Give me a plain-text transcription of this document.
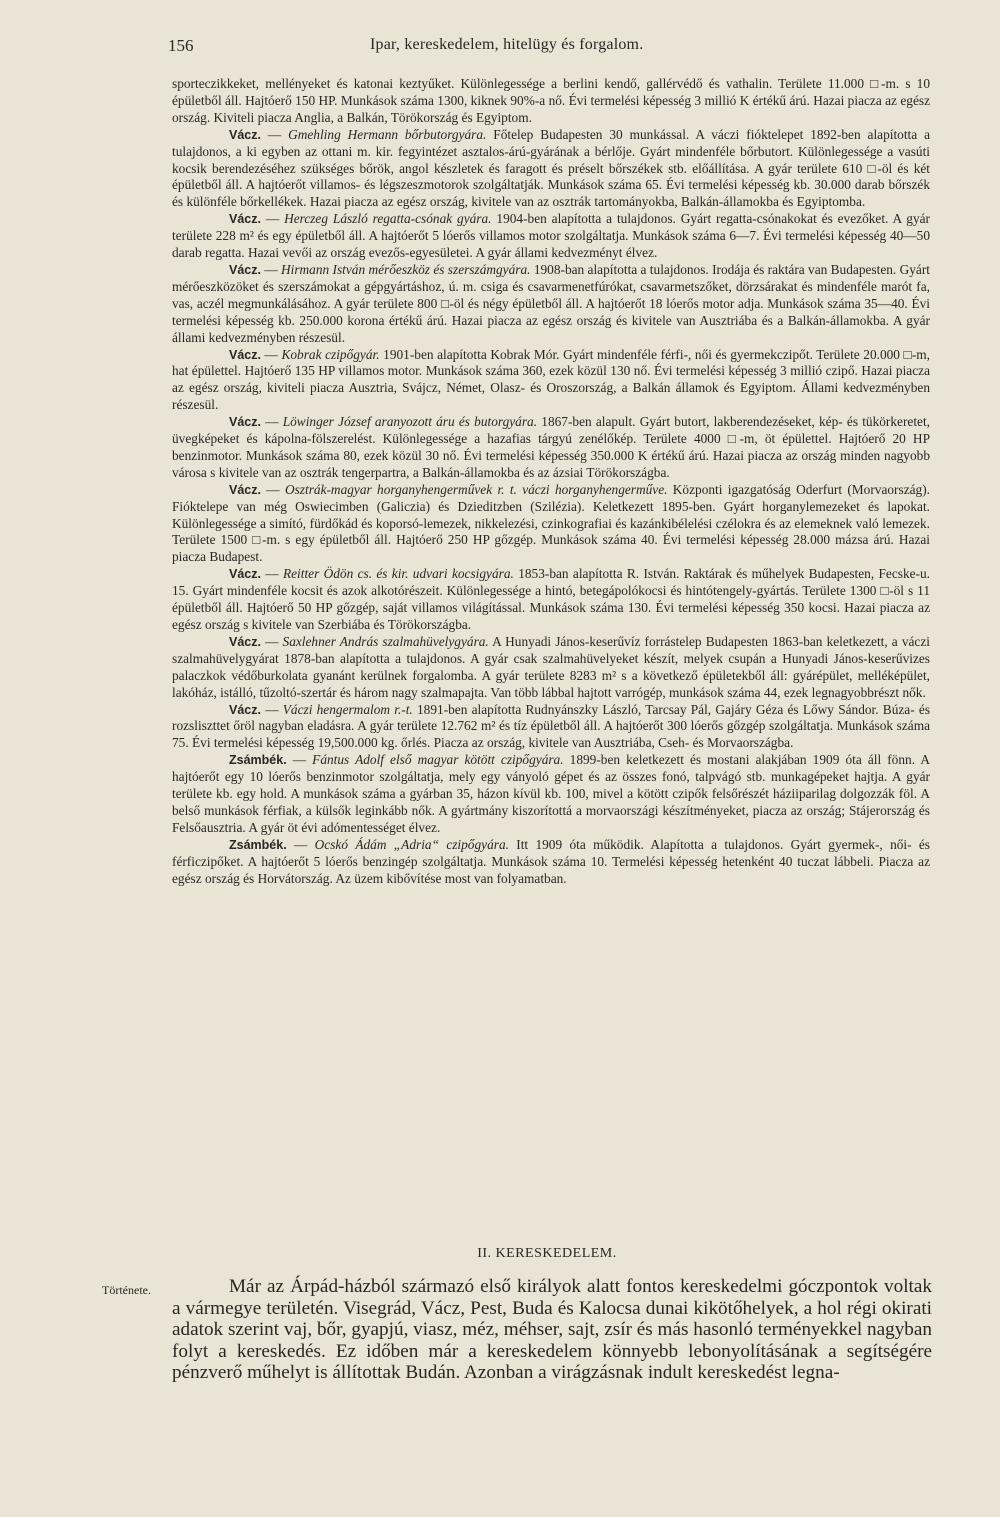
156	Ipar, kereskedelem, hitelügy és forgalom.

sporteczikkeket, mellényeket és katonai keztyűket. Különlegessége a berlini kendő, gallérvédő és vathalin. Területe 11.000 □-m. s 10 épületből áll. Hajtóerő 150 HP. Munkások száma 1300, kiknek 90%-a nő. Évi termelési képesség 3 millió K értékű árú. Hazai piacza az egész ország. Kiviteli piacza Anglia, a Balkán, Törökország és Egyiptom.

Vácz. — Gmehling Hermann bőrbutorgyára. Főtelep Budapesten 30 munkással. A váczi fióktelepet 1892-ben alapította a tulajdonos, a ki egyben az ottani m. kir. fegyintézet asztalos-árú-gyárának a bérlője. Gyárt mindenféle bőrbutort. Különlegessége a vasúti kocsik berendezéséhez szükséges bőrök, angol készletek és faragott és préselt bőrszékek stb. előállítása. A gyár területe 610 □-öl és két épületből áll. A hajtóerőt villamos- és légszeszmotorok szolgáltatják. Munkások száma 65. Évi termelési képesség kb. 30.000 darab bőrszék és különféle bőrkellékek. Hazai piacza az egész ország, kivitele van az osztrák tartományokba, Balkán-államokba és Egyiptomba.

Vácz. — Herczeg László regatta-csónak gyára. 1904-ben alapította a tulajdonos. Gyárt regatta-csónakokat és evezőket. A gyár területe 228 m² és egy épületből áll. A hajtóerőt 5 lóerős villamos motor szolgáltatja. Munkások száma 6—7. Évi termelési képesség 40—50 darab regatta. Hazai vevői az ország evezős-egyesületei. A gyár állami kedvezményt élvez.

Vácz. — Hirmann István mérőeszköz és szerszámgyára. 1908-ban alapította a tulajdonos. Irodája és raktára van Budapesten. Gyárt mérőeszközöket és szerszámokat a gépgyártáshoz, ú. m. csiga és csavarmenetfúrókat, csavarmetszőket, dörzsárakat és mindenféle marót fa, vas, aczél megmunkálásához. A gyár területe 800 □-öl és négy épületből áll. A hajtóerőt 18 lóerős motor adja. Munkások száma 35—40. Évi termelési képesség kb. 250.000 korona értékű árú. Hazai piacza az egész ország és kivitele van Ausztriába és a Balkán-államokba. A gyár állami kedvezményben részesül.

Vácz. — Kobrak czipőgyár. 1901-ben alapította Kobrak Mór. Gyárt mindenféle férfi-, női és gyermekczipőt. Területe 20.000 □-m, hat épülettel. Hajtóerő 135 HP villamos motor. Munkások száma 360, ezek közül 130 nő. Évi termelési képesség 3 millió czipő. Hazai piacza az egész ország, kiviteli piacza Ausztria, Svájcz, Német, Olasz- és Oroszország, a Balkán államok és Egyiptom. Állami kedvezményben részesül.

Vácz. — Löwinger József aranyozott áru és butorgyára. 1867-ben alapult. Gyárt butort, lakberendezéseket, kép- és tükörkeretet, üvegképeket és kápolna-fölszerelést. Különlegessége a hazafias tárgyú zenélőkép. Területe 4000 □-m, öt épülettel. Hajtóerő 20 HP benzinmotor. Munkások száma 80, ezek közül 30 nő. Évi termelési képesség 350.000 K értékű árú. Hazai piacza az ország minden nagyobb városa s kivitele van az osztrák tengerpartra, a Balkán-államokba és az ázsiai Törökországba.

Vácz. — Osztrák-magyar horganyhengerművek r. t. váczi horganyhengerműve. Központi igazgatóság Oderfurt (Morvaország). Fióktelepe van még Oswiecimben (Galiczia) és Dzieditzben (Szilézia). Keletkezett 1895-ben. Gyárt horganylemezeket és lapokat. Különlegessége a simító, fürdőkád és koporsó-lemezek, nikkelezési, czinkografiai és kazánkibélelési czélokra és az elemeknek való lemezek. Területe 1500 □-m. s egy épületből áll. Hajtóerő 250 HP gőzgép. Munkások száma 40. Évi termelési képesség 28.000 mázsa árú. Hazai piacza Budapest.

Vácz. — Reitter Ödön cs. és kir. udvari kocsigyára. 1853-ban alapította R. István. Raktárak és műhelyek Budapesten, Fecske-u. 15. Gyárt mindenféle kocsit és azok alkotórészeit. Különlegessége a hintó, betegápolókocsi és hintótengely-gyártás. Területe 1300 □-öl s 11 épületből áll. Hajtóerő 50 HP gőzgép, saját villamos világítással. Munkások száma 130. Évi termelési képesség 350 kocsi. Hazai piacza az egész ország s kivitele van Szerbiába és Törökországba.

Vácz. — Saxlehner András szalmahüvelygyára. A Hunyadi János-keserűvíz forrástelep Budapesten 1863-ban keletkezett, a váczi szalmahüvelygyárat 1878-ban alapította a tulajdonos. A gyár csak szalmahüvelyeket készít, melyek csupán a Hunyadi János-keserűvizes palaczkok védőburkolata gyanánt kerülnek forgalomba. A gyár területe 8283 m² s a következő épületekből áll: gyárépület, melléképület, lakóház, istálló, tűzoltó-szertár és három nagy szalmapajta. Van több lábbal hajtott varrógép, munkások száma 44, ezek legnagyobbrészt nők.

Vácz. — Váczi hengermalom r.-t. 1891-ben alapította Rudnyánszky László, Tarcsay Pál, Gajáry Géza és Lőwy Sándor. Búza- és rozsliszttet őröl nagyban eladásra. A gyár területe 12.762 m² és tíz épületből áll. A hajtóerőt 300 lóerős gőzgép szolgáltatja. Munkások száma 75. Évi termelési képesség 19,500.000 kg. őrlés. Piacza az ország, kivitele van Ausztriába, Cseh- és Morvaországba.

Zsámbék. — Fántus Adolf első magyar kötött czipőgyára. 1899-ben keletkezett és mostani alakjában 1909 óta áll fönn. A hajtóerőt egy 10 lóerős benzinmotor szolgáltatja, mely egy ványoló gépet és az összes fonó, talpvágó stb. munkagépeket hajtja. A gyár területe kb. egy hold. A munkások száma a gyárban 35, házon kívül kb. 100, mivel a kötött czipők felsőrészét háziiparilag dolgozzák föl. A belső munkások férfiak, a külsők leginkább nők. A gyártmány kiszorítottá a morvaországi készítményeket, piacza az ország; Stájerország és Felsőausztria. A gyár öt évi adómentességet élvez.

Zsámbék. — Ocskó Ádám „Adria“ czipőgyára. Itt 1909 óta működik. Alapította a tulajdonos. Gyárt gyermek-, női- és férficzipőket. A hajtóerőt 5 lóerős benzingép szolgáltatja. Munkások száma 10. Termelési képesség hetenként 40 tuczat lábbeli. Piacza az egész ország és Horvátország. Az üzem kibővítése most van folyamatban.

II. KERESKEDELEM.
Története.	Már az Árpád-házból származó első királyok alatt fontos kereskedelmi góczpontok voltak a vármegye területén. Visegrád, Vácz, Pest, Buda és Kalocsa dunai kikötőhelyek, a hol régi okirati adatok szerint vaj, bőr, gyapjú, viasz, méz, méhser, sajt, zsír és más hasonló terményekkel nagyban folyt a kereskedés. Ez időben már a kereskedelem könnyebb lebonyolításának a segítségére pénzverő műhelyt is állítottak Budán. Azonban a virágzásnak indult kereskedést legna-
